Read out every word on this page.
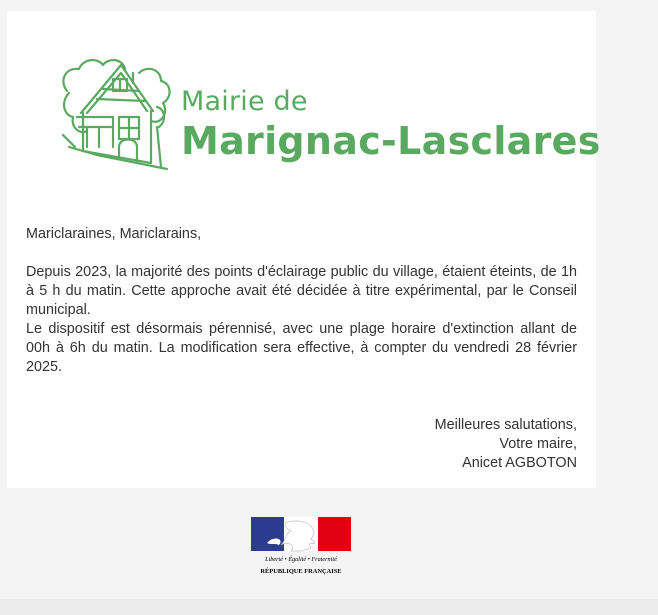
Mairie de
Marignac-Lasclares

Mariclaraines, Mariclarains,

Depuis 2023, la majorité des points d'éclairage public du village, étaient éteints, de 1h à 5 h du matin. Cette approche avait été décidée à titre expérimental, par le Conseil municipal.

Le dispositif est désormais pérennisé, avec une plage horaire d'extinction allant de 00h à 6h du matin. La modification sera effective, à compter du vendredi 28 février 2025.

Meilleures salutations,
Votre maire,
Anicet AGBOTON
Liberté • Égalité • Fraternité
RÉPUBLIQUE FRANÇAISE
